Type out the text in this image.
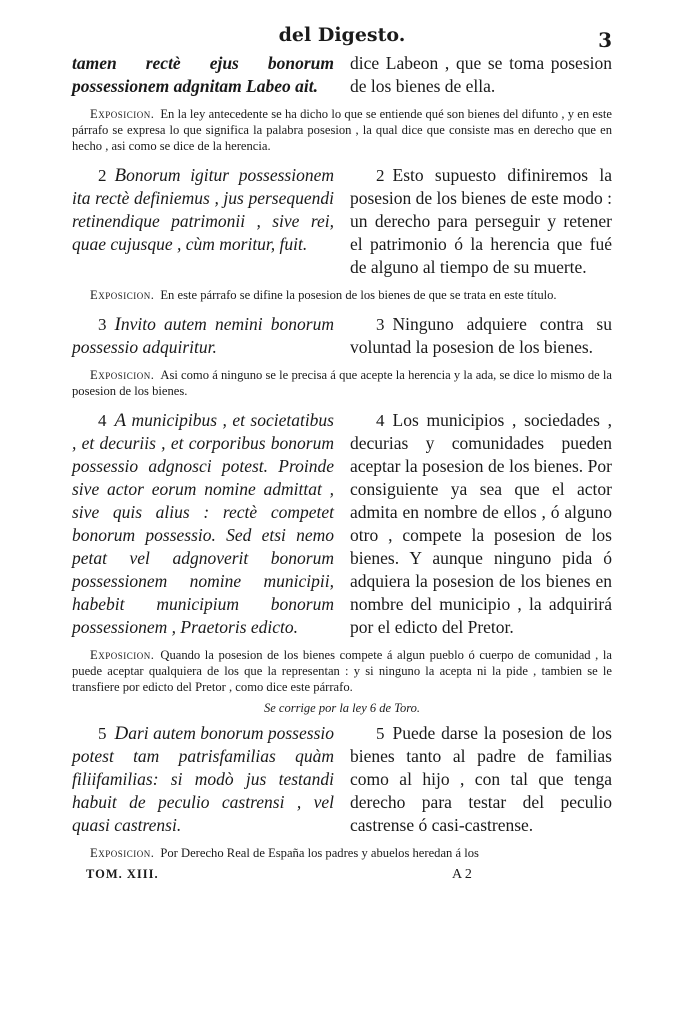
del Digesto.	3
tamen rectè ejus bonorum possessionem adgnitam Labeo ait.
dice Labeon , que se toma posesion de los bienes de ella.
Exposicion. En la ley antecedente se ha dicho lo que se entiende qué son bienes del difunto , y en este párrafo se expresa lo que significa la palabra posesion , la qual dice que consiste mas en derecho que en hecho , asi como se dice de la herencia.
2 Bonorum igitur possessionem ita rectè definiemus , jus persequendi retinendique patrimonii , sive rei, quae cujusque , cùm moritur, fuit.
2 Esto supuesto difiniremos la posesion de los bienes de este modo : un derecho para perseguir y retener el patrimonio ó la herencia que fué de alguno al tiempo de su muerte.
Exposicion. En este párrafo se difine la posesion de los bienes de que se trata en este título.
3 Invito autem nemini bonorum possessio adquiritur.
3 Ninguno adquiere contra su voluntad la posesion de los bienes.
Exposicion. Asi como á ninguno se le precisa á que acepte la herencia y la ada, se dice lo mismo de la posesion de los bienes.
4 A municipibus , et societatibus , et decuriis , et corporibus bonorum possessio adgnosci potest. Proinde sive actor eorum nomine admittat , sive quis alius : rectè competet bonorum possessio. Sed etsi nemo petat vel adgnoverit bonorum possessionem nomine municipii, habebit municipium bonorum possessionem , Praetoris edicto.
4 Los municipios , sociedades , decurias y comunidades pueden aceptar la posesion de los bienes. Por consiguiente ya sea que el actor admita en nombre de ellos , ó alguno otro , compete la posesion de los bienes. Y aunque ninguno pida ó adquiera la posesion de los bienes en nombre del municipio , la adquirirá por el edicto del Pretor.
Exposicion. Quando la posesion de los bienes compete á algun pueblo ó cuerpo de comunidad , la puede aceptar qualquiera de los que la representan : y si ninguno la acepta ni la pide , tambien se le transfiere por edicto del Pretor , como dice este párrafo.
Se corrige por la ley 6 de Toro.
5 Dari autem bonorum possessio potest tam patrisfamilias quàm filiifamilias: si modò jus testandi habuit de peculio castrensi , vel quasi castrensi.
5 Puede darse la posesion de los bienes tanto al padre de familias como al hijo , con tal que tenga derecho para testar del peculio castrense ó casi-castrense.
Exposicion. Por Derecho Real de España los padres y abuelos heredan á los
TOM. XIII.	A 2
